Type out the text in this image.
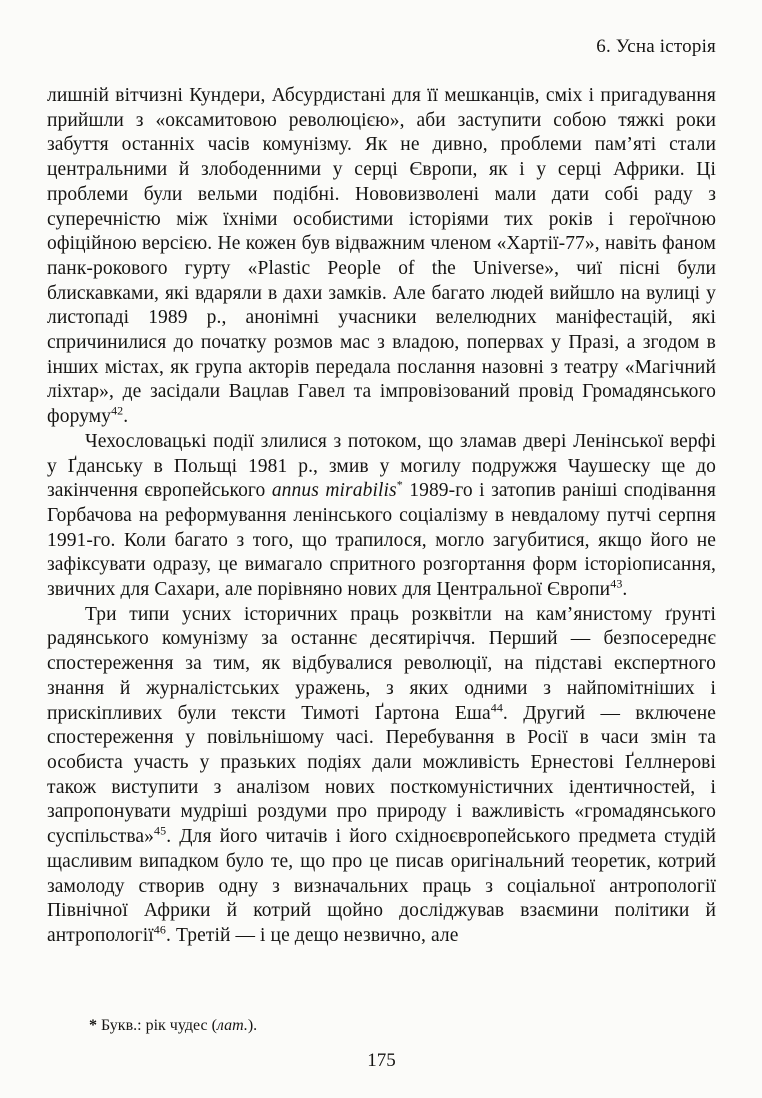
6. Усна історія

лишній вітчизні Кундери, Абсурдистані для її мешканців, сміх і пригадування прийшли з «оксамитовою революцією», аби заступити собою тяжкі роки забуття останніх часів комунізму. Як не дивно, проблеми пам’яті стали центральними й злободенними у серці Європи, як і у серці Африки. Ці проблеми були вельми подібні. Нововизволені мали дати собі раду з суперечністю між їхніми особистими історіями тих років і героїчною офіційною версією. Не кожен був відважним членом «Хартії-77», навіть фаном панк-рокового гурту «Plastic People of the Universe», чиї пісні були блискавками, які вдаряли в дахи замків. Але багато людей вийшло на вулиці у листопаді 1989 р., анонімні учасники велелюдних маніфестацій, які спричинилися до початку розмов мас з владою, попервах у Празі, а згодом в інших містах, як група акторів передала послання назовні з театру «Магічний ліхтар», де засідали Вацлав Гавел та імпровізований провід Громадянського форуму$^{42}$.

Чехословацькі події злилися з потоком, що зламав двері Ленінської верфі у Ґданську в Польщі 1981 р., змив у могилу подружжя Чаушеску ще до закінчення європейського annus mirabilis* 1989-го і затопив раніші сподівання Горбачова на реформування ленінського соціалізму в невдалому путчі серпня 1991-го. Коли багато з того, що трапилося, могло загубитися, якщо його не зафіксувати одразу, це вимагало спритного розгортання форм історіописання, звичних для Сахари, але порівняно нових для Центральної Європи$^{43}$.

Три типи усних історичних праць розквітли на кам’янистому ґрунті радянського комунізму за останнє десятиріччя. Перший — безпосереднє спостереження за тим, як відбувалися революції, на підставі експертного знання й журналістських уражень, з яких одними з найпомітніших і прискіпливих були тексти Тимоті Ґартона Еша$^{44}$. Другий — включене спостереження у повільнішому часі. Перебування в Росії в часи змін та особиста участь у празьких подіях дали можливість Ернестові Ґеллнерові також виступити з аналізом нових посткомуністичних ідентичностей, і запропонувати мудріші роздуми про природу і важливість «громадянського суспільства»$^{45}$. Для його читачів і його східноєвропейського предмета студій щасливим випадком було те, що про це писав оригінальний теоретик, котрий замолоду створив одну з визначальних праць з соціальної антропології Північної Африки й котрий щойно досліджував взаємини політики й антропології$^{46}$. Третій — і це дещо незвично, але

* Букв.: рік чудес (лат.).

175
